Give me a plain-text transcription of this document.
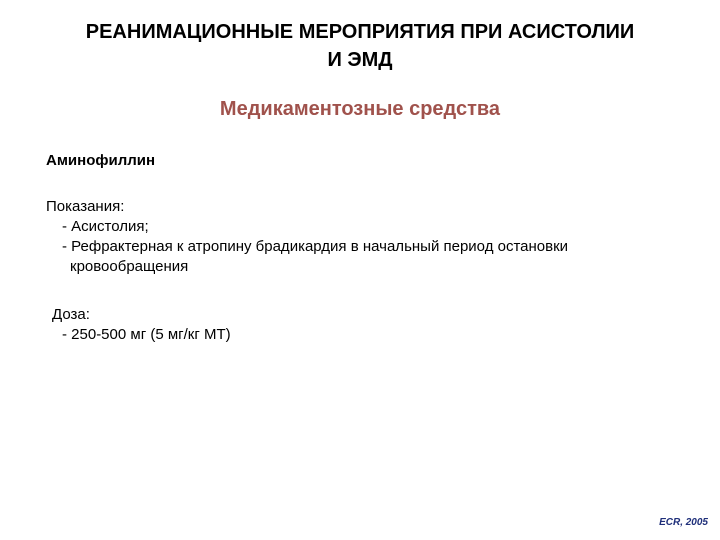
РЕАНИМАЦИОННЫЕ МЕРОПРИЯТИЯ ПРИ АСИСТОЛИИ
И ЭМД
Медикаментозные средства
Аминофиллин
Показания:
- Асистолия;
- Рефрактерная к атропину брадикардия в начальный период остановки
кровообращения
Доза:
- 250-500 мг (5 мг/кг МТ)
ECR, 2005
